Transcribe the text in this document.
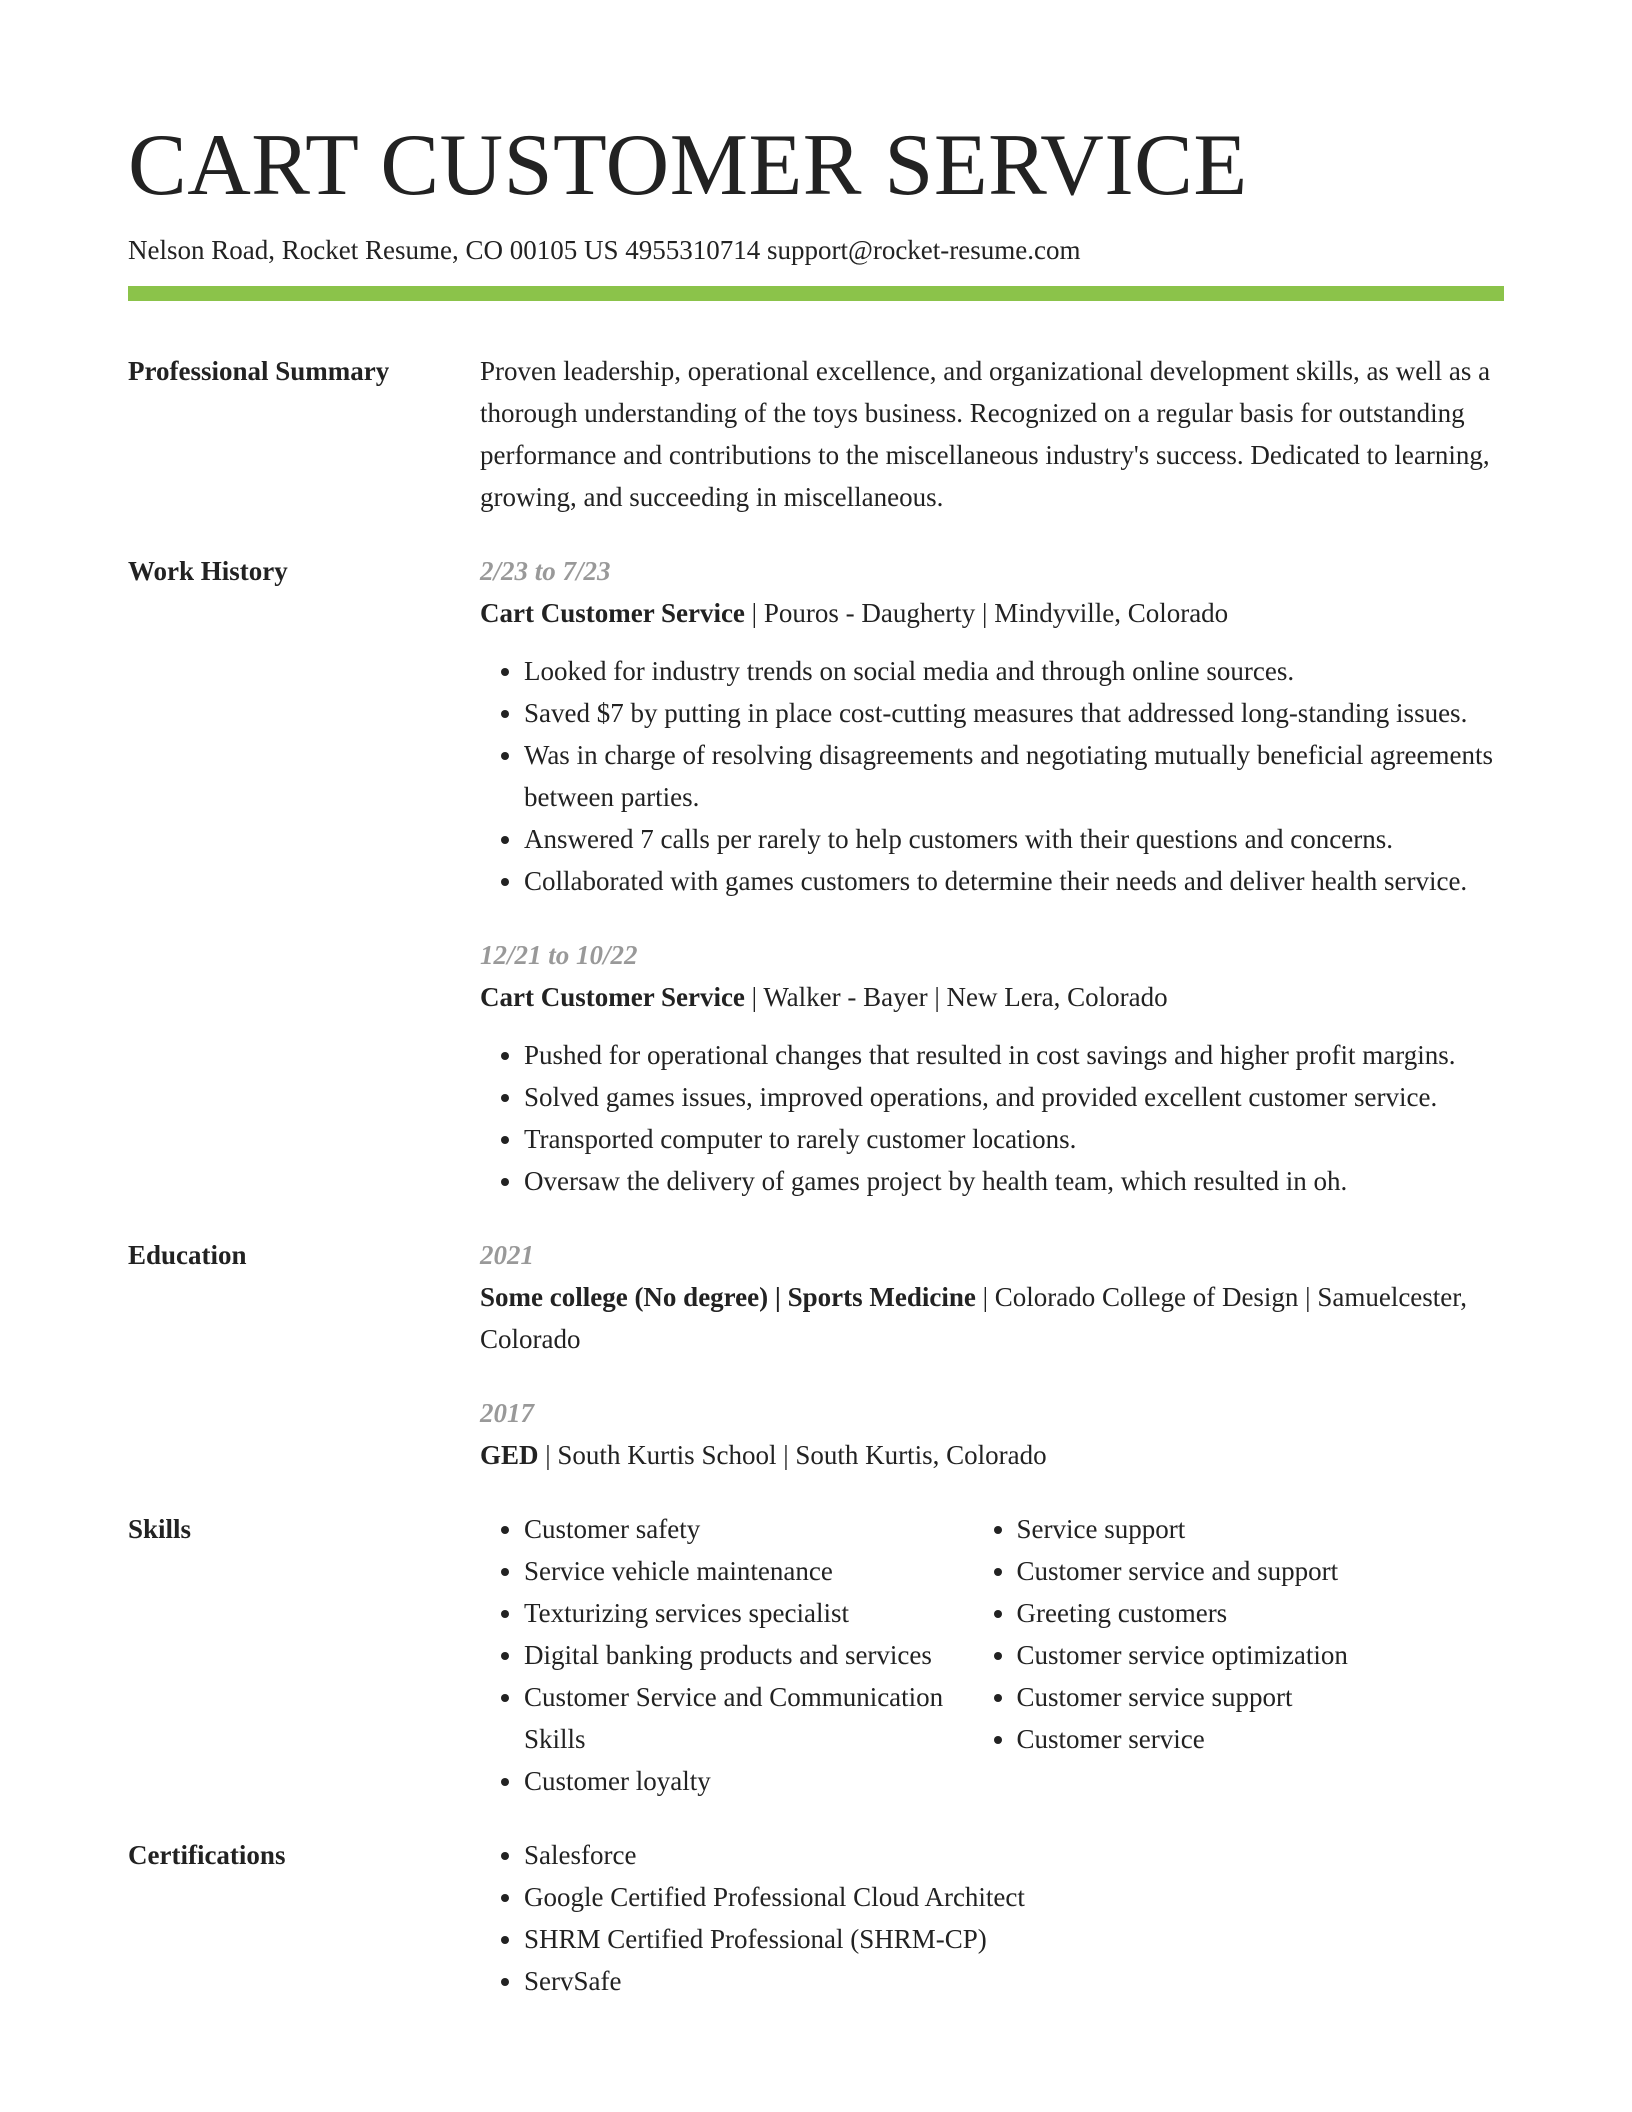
CART CUSTOMER SERVICE
Nelson Road, Rocket Resume, CO 00105 US 4955310714 support@rocket-resume.com
Professional Summary	Proven leadership, operational excellence, and organizational development skills, as well as a thorough understanding of the toys business. Recognized on a regular basis for outstanding performance and contributions to the miscellaneous industry's success. Dedicated to learning, growing, and succeeding in miscellaneous.

Work History	2/23 to 7/23
Cart Customer Service | Pouros - Daugherty | Mindyville, Colorado
• Looked for industry trends on social media and through online sources.
• Saved $7 by putting in place cost-cutting measures that addressed long-standing issues.
• Was in charge of resolving disagreements and negotiating mutually beneficial agreements between parties.
• Answered 7 calls per rarely to help customers with their questions and concerns.
• Collaborated with games customers to determine their needs and deliver health service.
12/21 to 10/22
Cart Customer Service | Walker - Bayer | New Lera, Colorado
• Pushed for operational changes that resulted in cost savings and higher profit margins.
• Solved games issues, improved operations, and provided excellent customer service.
• Transported computer to rarely customer locations.
• Oversaw the delivery of games project by health team, which resulted in oh.
Education	2021
Some college (No degree) | Sports Medicine | Colorado College of Design | Samuelcester, Colorado
2017
GED | South Kurtis School | South Kurtis, Colorado
Skills	• Customer safety
• Service vehicle maintenance
• Texturizing services specialist
• Digital banking products and services
• Customer Service and Communication Skills
• Customer loyalty
• Service support
• Customer service and support
• Greeting customers
• Customer service optimization
• Customer service support
• Customer service
Certifications	• Salesforce
• Google Certified Professional Cloud Architect
• SHRM Certified Professional (SHRM-CP)
• ServSafe
